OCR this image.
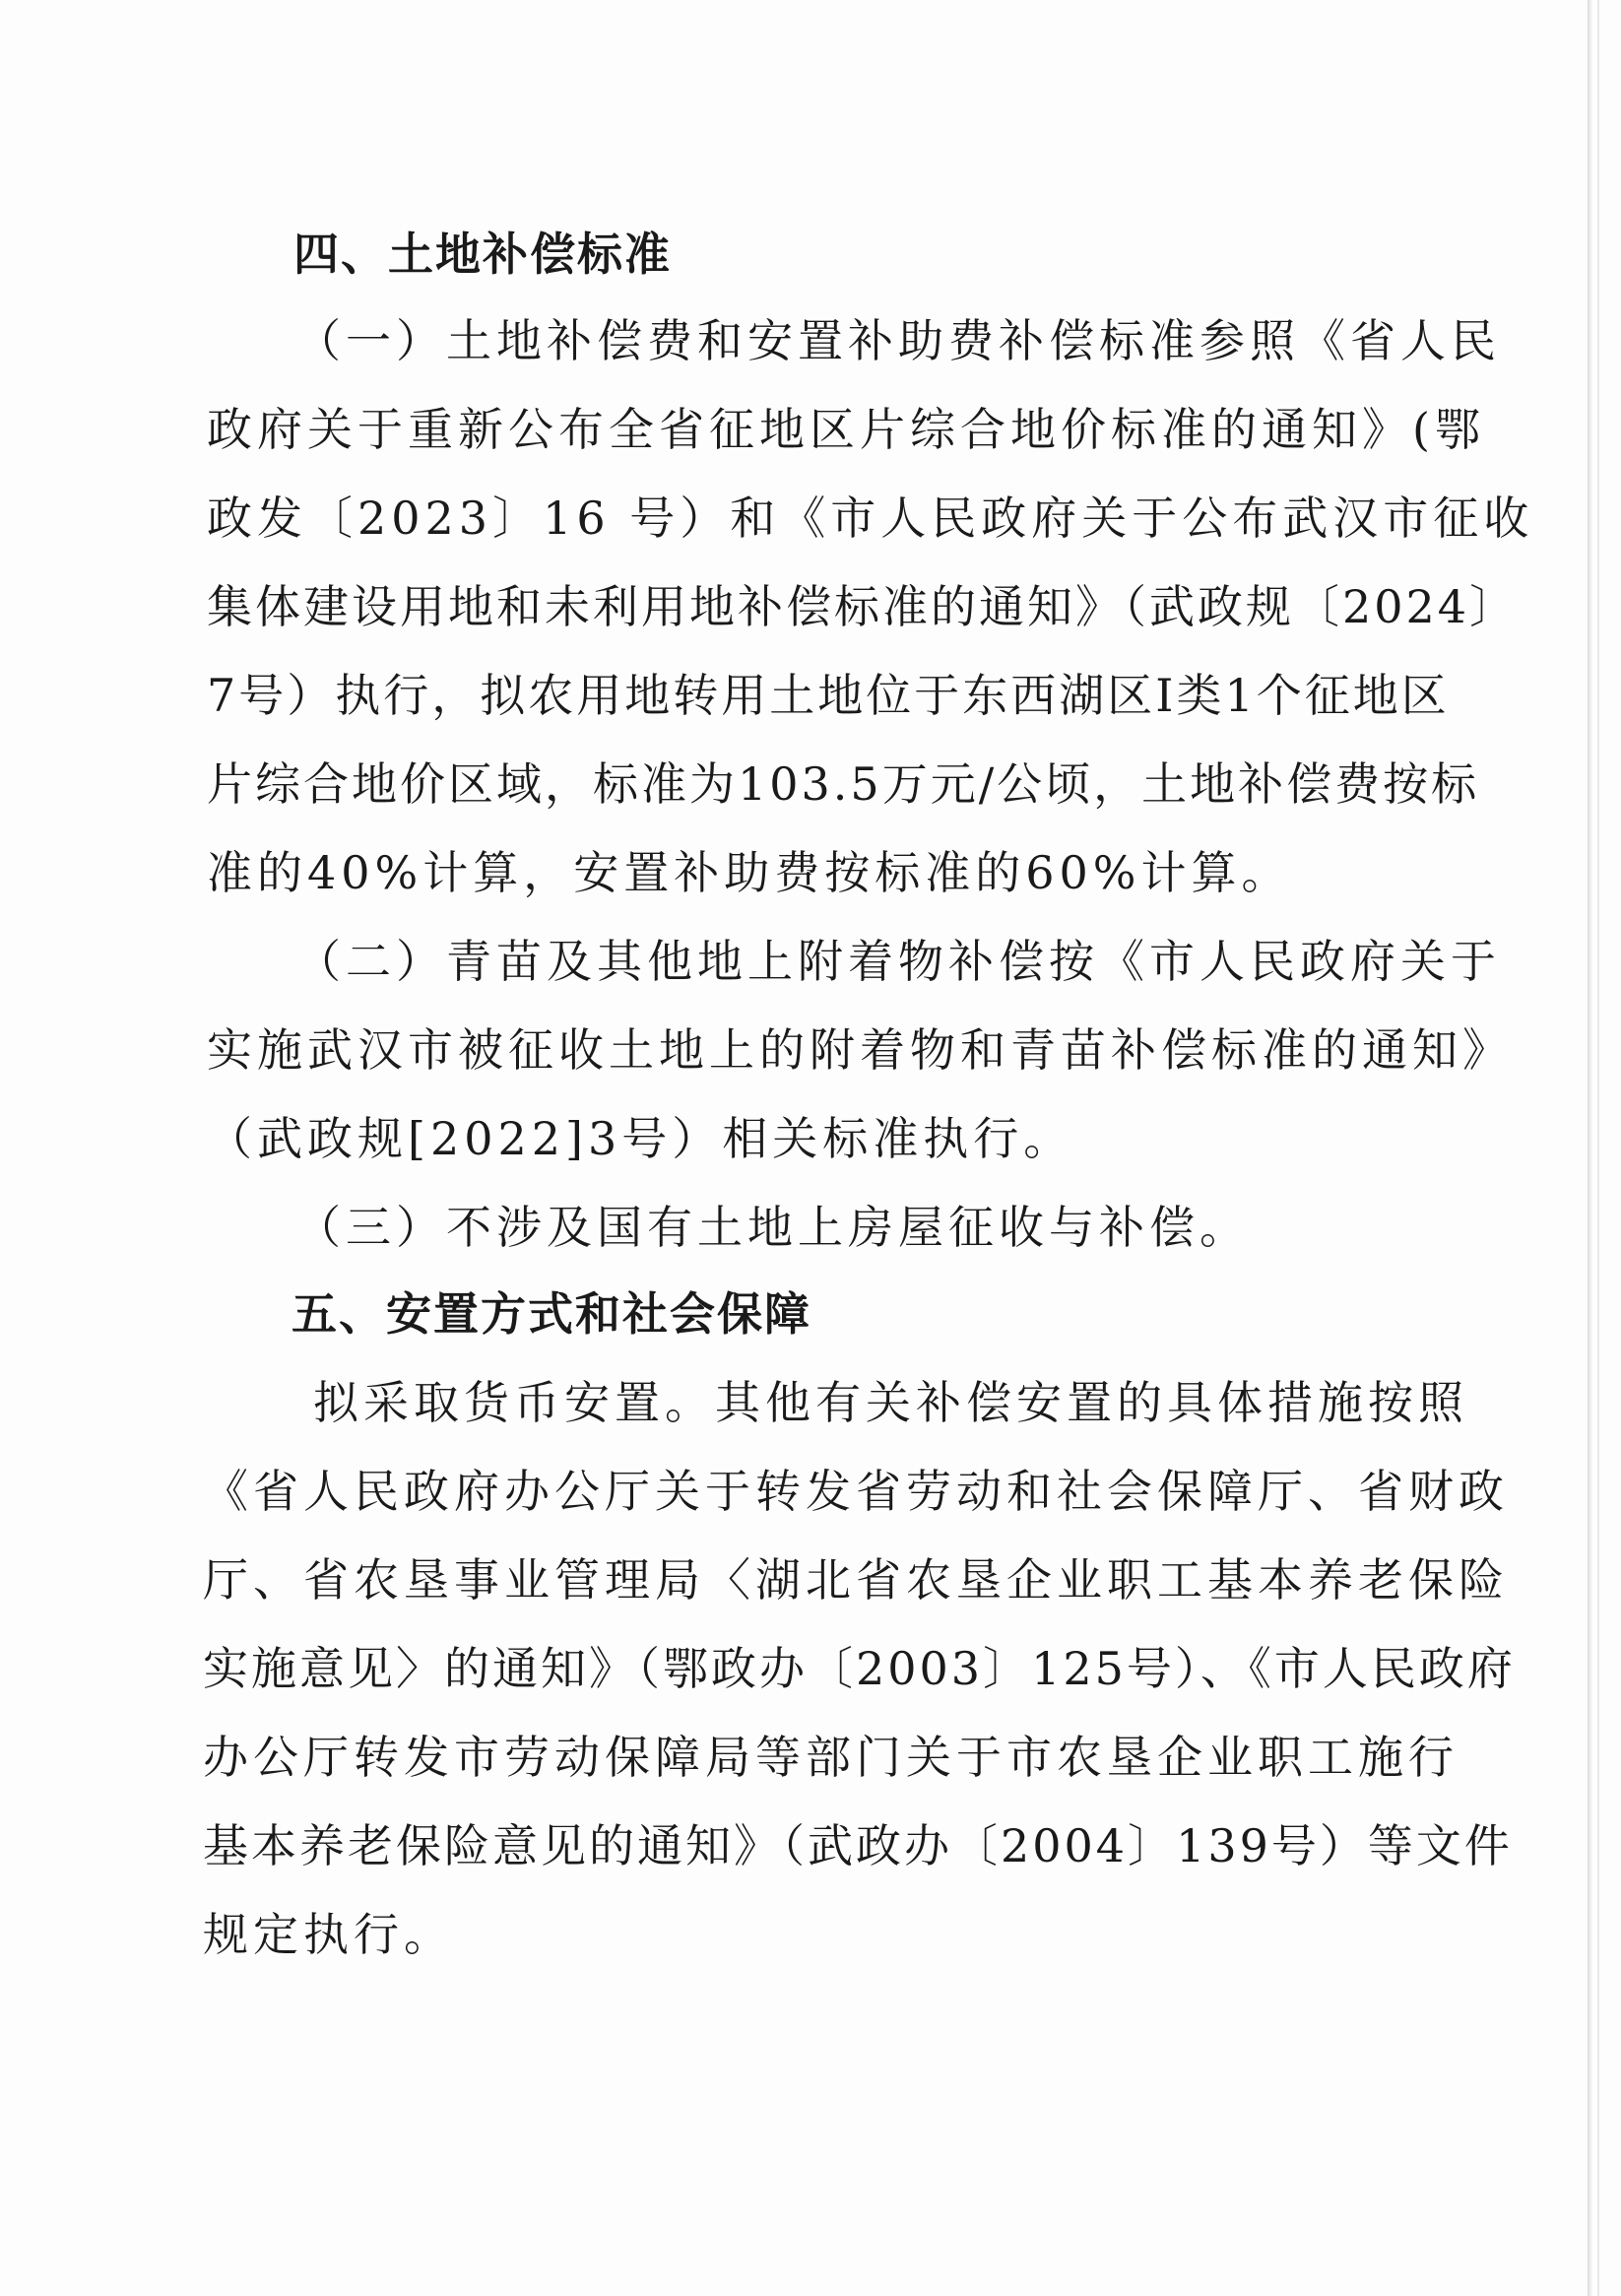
四、土地补偿标准
（一）土地补偿费和安置补助费补偿标准参照《省人民
政府关于重新公布全省征地区片综合地价标准的通知》(鄂
政发〔2023〕16 号）和《市人民政府关于公布武汉市征收
集体建设用地和未利用地补偿标准的通知》（武政规〔2024〕
7号）执行，拟农用地转用土地位于东西湖区Ⅰ类1个征地区
片综合地价区域，标准为103.5万元/公顷，土地补偿费按标
准的40%计算，安置补助费按标准的60%计算。
（二）青苗及其他地上附着物补偿按《市人民政府关于
实施武汉市被征收土地上的附着物和青苗补偿标准的通知》
（武政规[2022]3号）相关标准执行。
（三）不涉及国有土地上房屋征收与补偿。
五、安置方式和社会保障
拟采取货币安置。其他有关补偿安置的具体措施按照
《省人民政府办公厅关于转发省劳动和社会保障厅、省财政
厅、省农垦事业管理局〈湖北省农垦企业职工基本养老保险
实施意见〉的通知》（鄂政办〔2003〕125号）、《市人民政府
办公厅转发市劳动保障局等部门关于市农垦企业职工施行
基本养老保险意见的通知》（武政办〔2004〕139号）等文件
规定执行。
